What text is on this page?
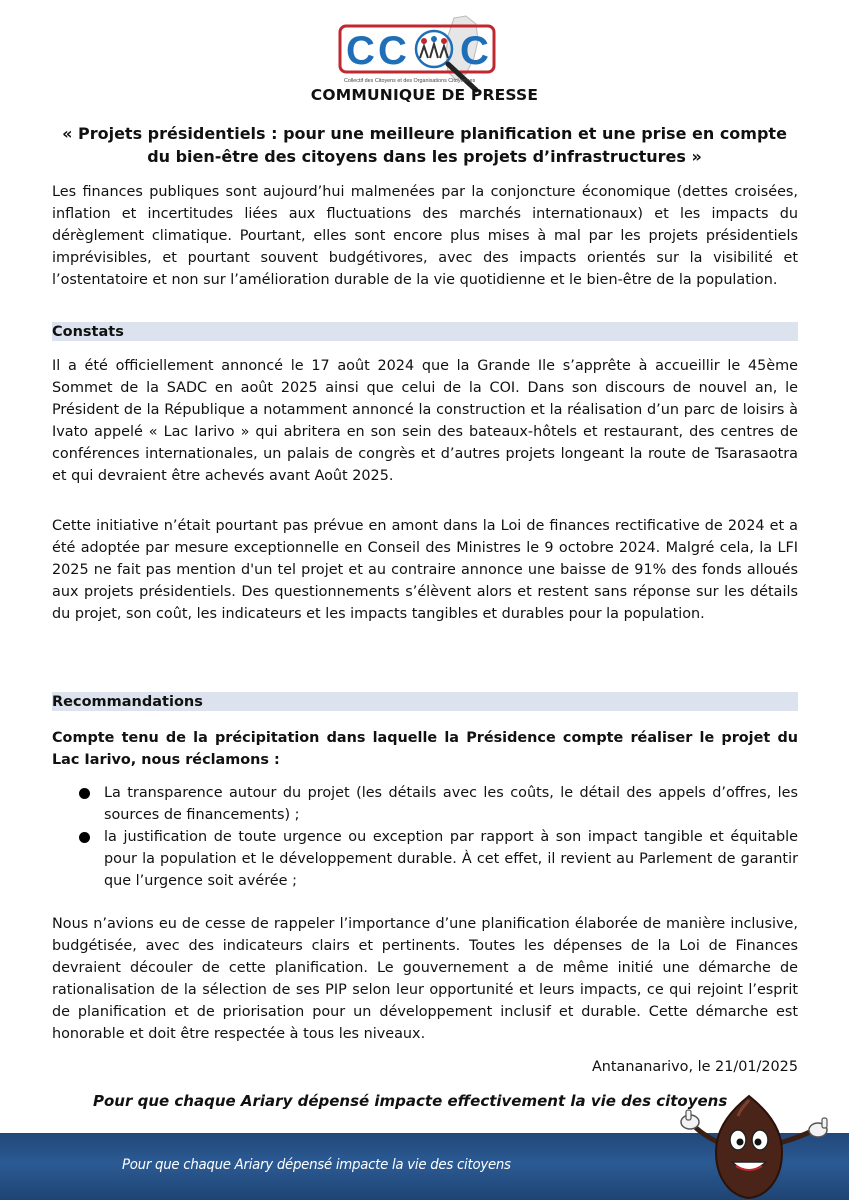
C C C
Collectif des Citoyens et des Organisations Citoyennes
COMMUNIQUE DE PRESSE
« Projets présidentiels : pour une meilleure planification et une prise en compte du bien-être des citoyens dans les projets d’infrastructures »

Les finances publiques sont aujourd’hui malmenées par la conjoncture économique (dettes croisées, inflation et incertitudes liées aux fluctuations des marchés internationaux) et les impacts du dérèglement climatique. Pourtant, elles sont encore plus mises à mal par les projets présidentiels imprévisibles, et pourtant souvent budgétivores, avec des impacts orientés sur la visibilité et l’ostentatoire et non sur l’amélioration durable de la vie quotidienne et le bien-être de la population.

Constats

Il a été officiellement annoncé le 17 août 2024 que la Grande Ile s’apprête à accueillir le 45ème Sommet de la SADC en août 2025 ainsi que celui de la COI. Dans son discours de nouvel an, le Président de la République a notamment annoncé la construction et la réalisation d’un parc de loisirs à Ivato appelé « Lac Iarivo » qui abritera en son sein des bateaux-hôtels et restaurant, des centres de conférences internationales, un palais de congrès et d’autres projets longeant la route de Tsarasaotra et qui devraient être achevés avant Août 2025.

Cette initiative n’était pourtant pas prévue en amont dans la Loi de finances rectificative de 2024 et a été adoptée par mesure exceptionnelle en Conseil des Ministres le 9 octobre 2024. Malgré cela, la LFI 2025 ne fait pas mention d'un tel projet et au contraire annonce une baisse de 91% des fonds alloués aux projets présidentiels. Des questionnements s’élèvent alors et restent sans réponse sur les détails du projet, son coût, les indicateurs et les impacts tangibles et durables pour la population.

Recommandations

Compte tenu de la précipitation dans laquelle la Présidence compte réaliser le projet du Lac Iarivo, nous réclamons :

La transparence autour du projet (les détails avec les coûts, le détail des appels d’offres, les sources de financements) ;
la justification de toute urgence ou exception par rapport à son impact tangible et équitable pour la population et le développement durable. À cet effet, il revient au Parlement de garantir que l’urgence soit avérée ;

Nous n’avions eu de cesse de rappeler l’importance d’une planification élaborée de manière inclusive, budgétisée, avec des indicateurs clairs et pertinents. Toutes les dépenses de la Loi de Finances devraient découler de cette planification. Le gouvernement a de même initié une démarche de rationalisation de la sélection de ses PIP selon leur opportunité et leurs impacts, ce qui rejoint l’esprit de planification et de priorisation pour un développement inclusif et durable. Cette démarche est honorable et doit être respectée à tous les niveaux.

Antananarivo, le 21/01/2025
Pour que chaque Ariary dépensé impacte effectivement la vie des citoyens
Pour que chaque Ariary dépensé impacte la vie des citoyens
